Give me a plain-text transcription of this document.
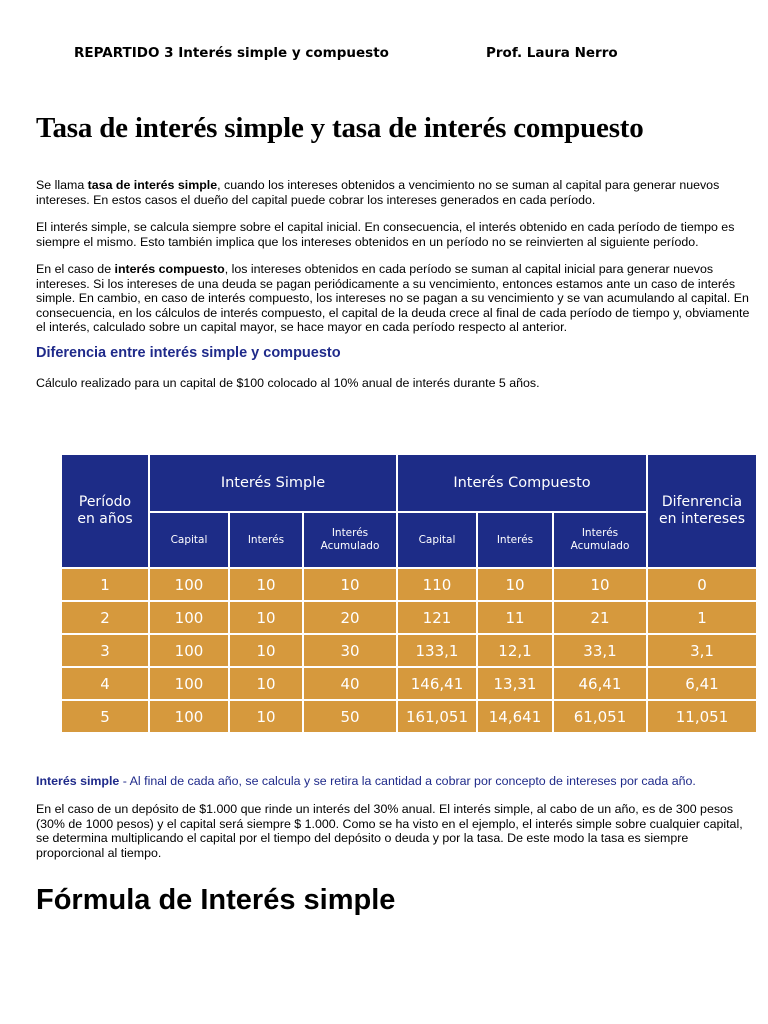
REPARTIDO 3 Interés simple y compuesto	Prof. Laura Nerro
Tasa de interés simple y tasa de interés compuesto

Se llama tasa de interés simple, cuando los intereses obtenidos a vencimiento no se suman al capital para generar nuevos intereses. En estos casos el dueño del capital puede cobrar los intereses generados en cada período.

El interés simple, se calcula siempre sobre el capital inicial. En consecuencia, el interés obtenido en cada período de tiempo es siempre el mismo. Esto también implica que los intereses obtenidos en un período no se reinvierten al siguiente período.

En el caso de interés compuesto, los intereses obtenidos en cada período se suman al capital inicial para generar nuevos intereses. Si los intereses de una deuda se pagan periódicamente a su vencimiento, entonces estamos ante un caso de interés simple. En cambio, en caso de interés compuesto, los intereses no se pagan a su vencimiento y se van acumulando al capital. En consecuencia, en los cálculos de interés compuesto, el capital de la deuda crece al final de cada período de tiempo y, obviamente el interés, calculado sobre un capital mayor, se hace mayor en cada período respecto al anterior.

Diferencia entre interés simple y compuesto

Cálculo realizado para un capital de $100 colocado al 10% anual de interés durante 5 años.

Período en años	Interés Simple			Interés Compuesto			Difenrencia en intereses
	Capital	Interés	Interés Acumulado	Capital	Interés	Interés Acumulado	
1	100	10	10	110	10	10	0
2	100	10	20	121	11	21	1
3	100	10	30	133,1	12,1	33,1	3,1
4	100	10	40	146,41	13,31	46,41	6,41
5	100	10	50	161,051	14,641	61,051	11,051

Interés simple - Al final de cada año, se calcula y se retira la cantidad a cobrar por concepto de intereses por cada año.

En el caso de un depósito de $1.000 que rinde un interés del 30% anual. El interés simple, al cabo de un año, es de 300 pesos (30% de 1000 pesos) y el capital será siempre $ 1.000. Como se ha visto en el ejemplo, el interés simple sobre cualquier capital, se determina multiplicando el capital por el tiempo del depósito o deuda y por la tasa. De este modo la tasa es siempre proporcional al tiempo.

Fórmula de Interés simple
